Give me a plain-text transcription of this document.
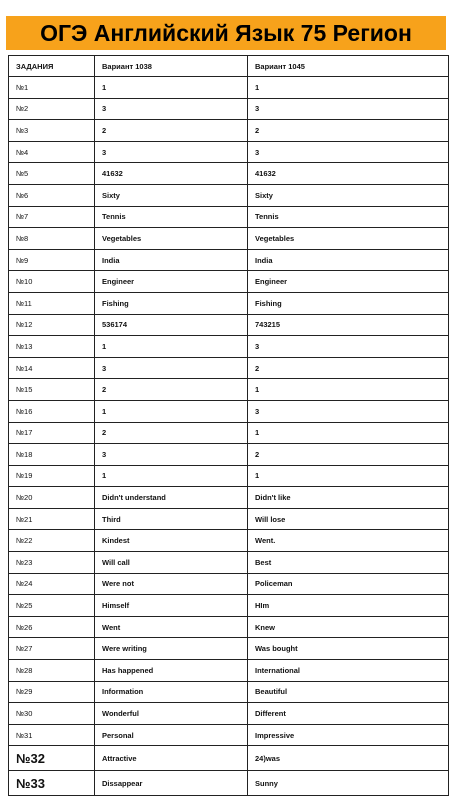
ОГЭ Английский Язык 75 Регион
ЗАДАНИЯ	Вариант 1038	Вариант 1045
№1	1	1
№2	3	3
№3	2	2
№4	3	3
№5	41632	41632
№6	Sixty	Sixty
№7	Tennis	Tennis
№8	Vegetables	Vegetables
№9	India	India
№10	Engineer	Engineer
№11	Fishing	Fishing
№12	536174	743215
№13	1	3
№14	3	2
№15	2	1
№16	1	3
№17	2	1
№18	3	2
№19	1	1
№20	Didn't understand	Didn't like
№21	Third	Will lose
№22	Kindest	Went.
№23	Will call	Best
№24	Were not	Policeman
№25	Himself	HIm
№26	Went	Knew
№27	Were writing	Was bought
№28	Has happened	International
№29	Information	Beautiful
№30	Wonderful	Different
№31	Personal	Impressive
№32	Attractive	24)was
№33	Dissappear	Sunny
